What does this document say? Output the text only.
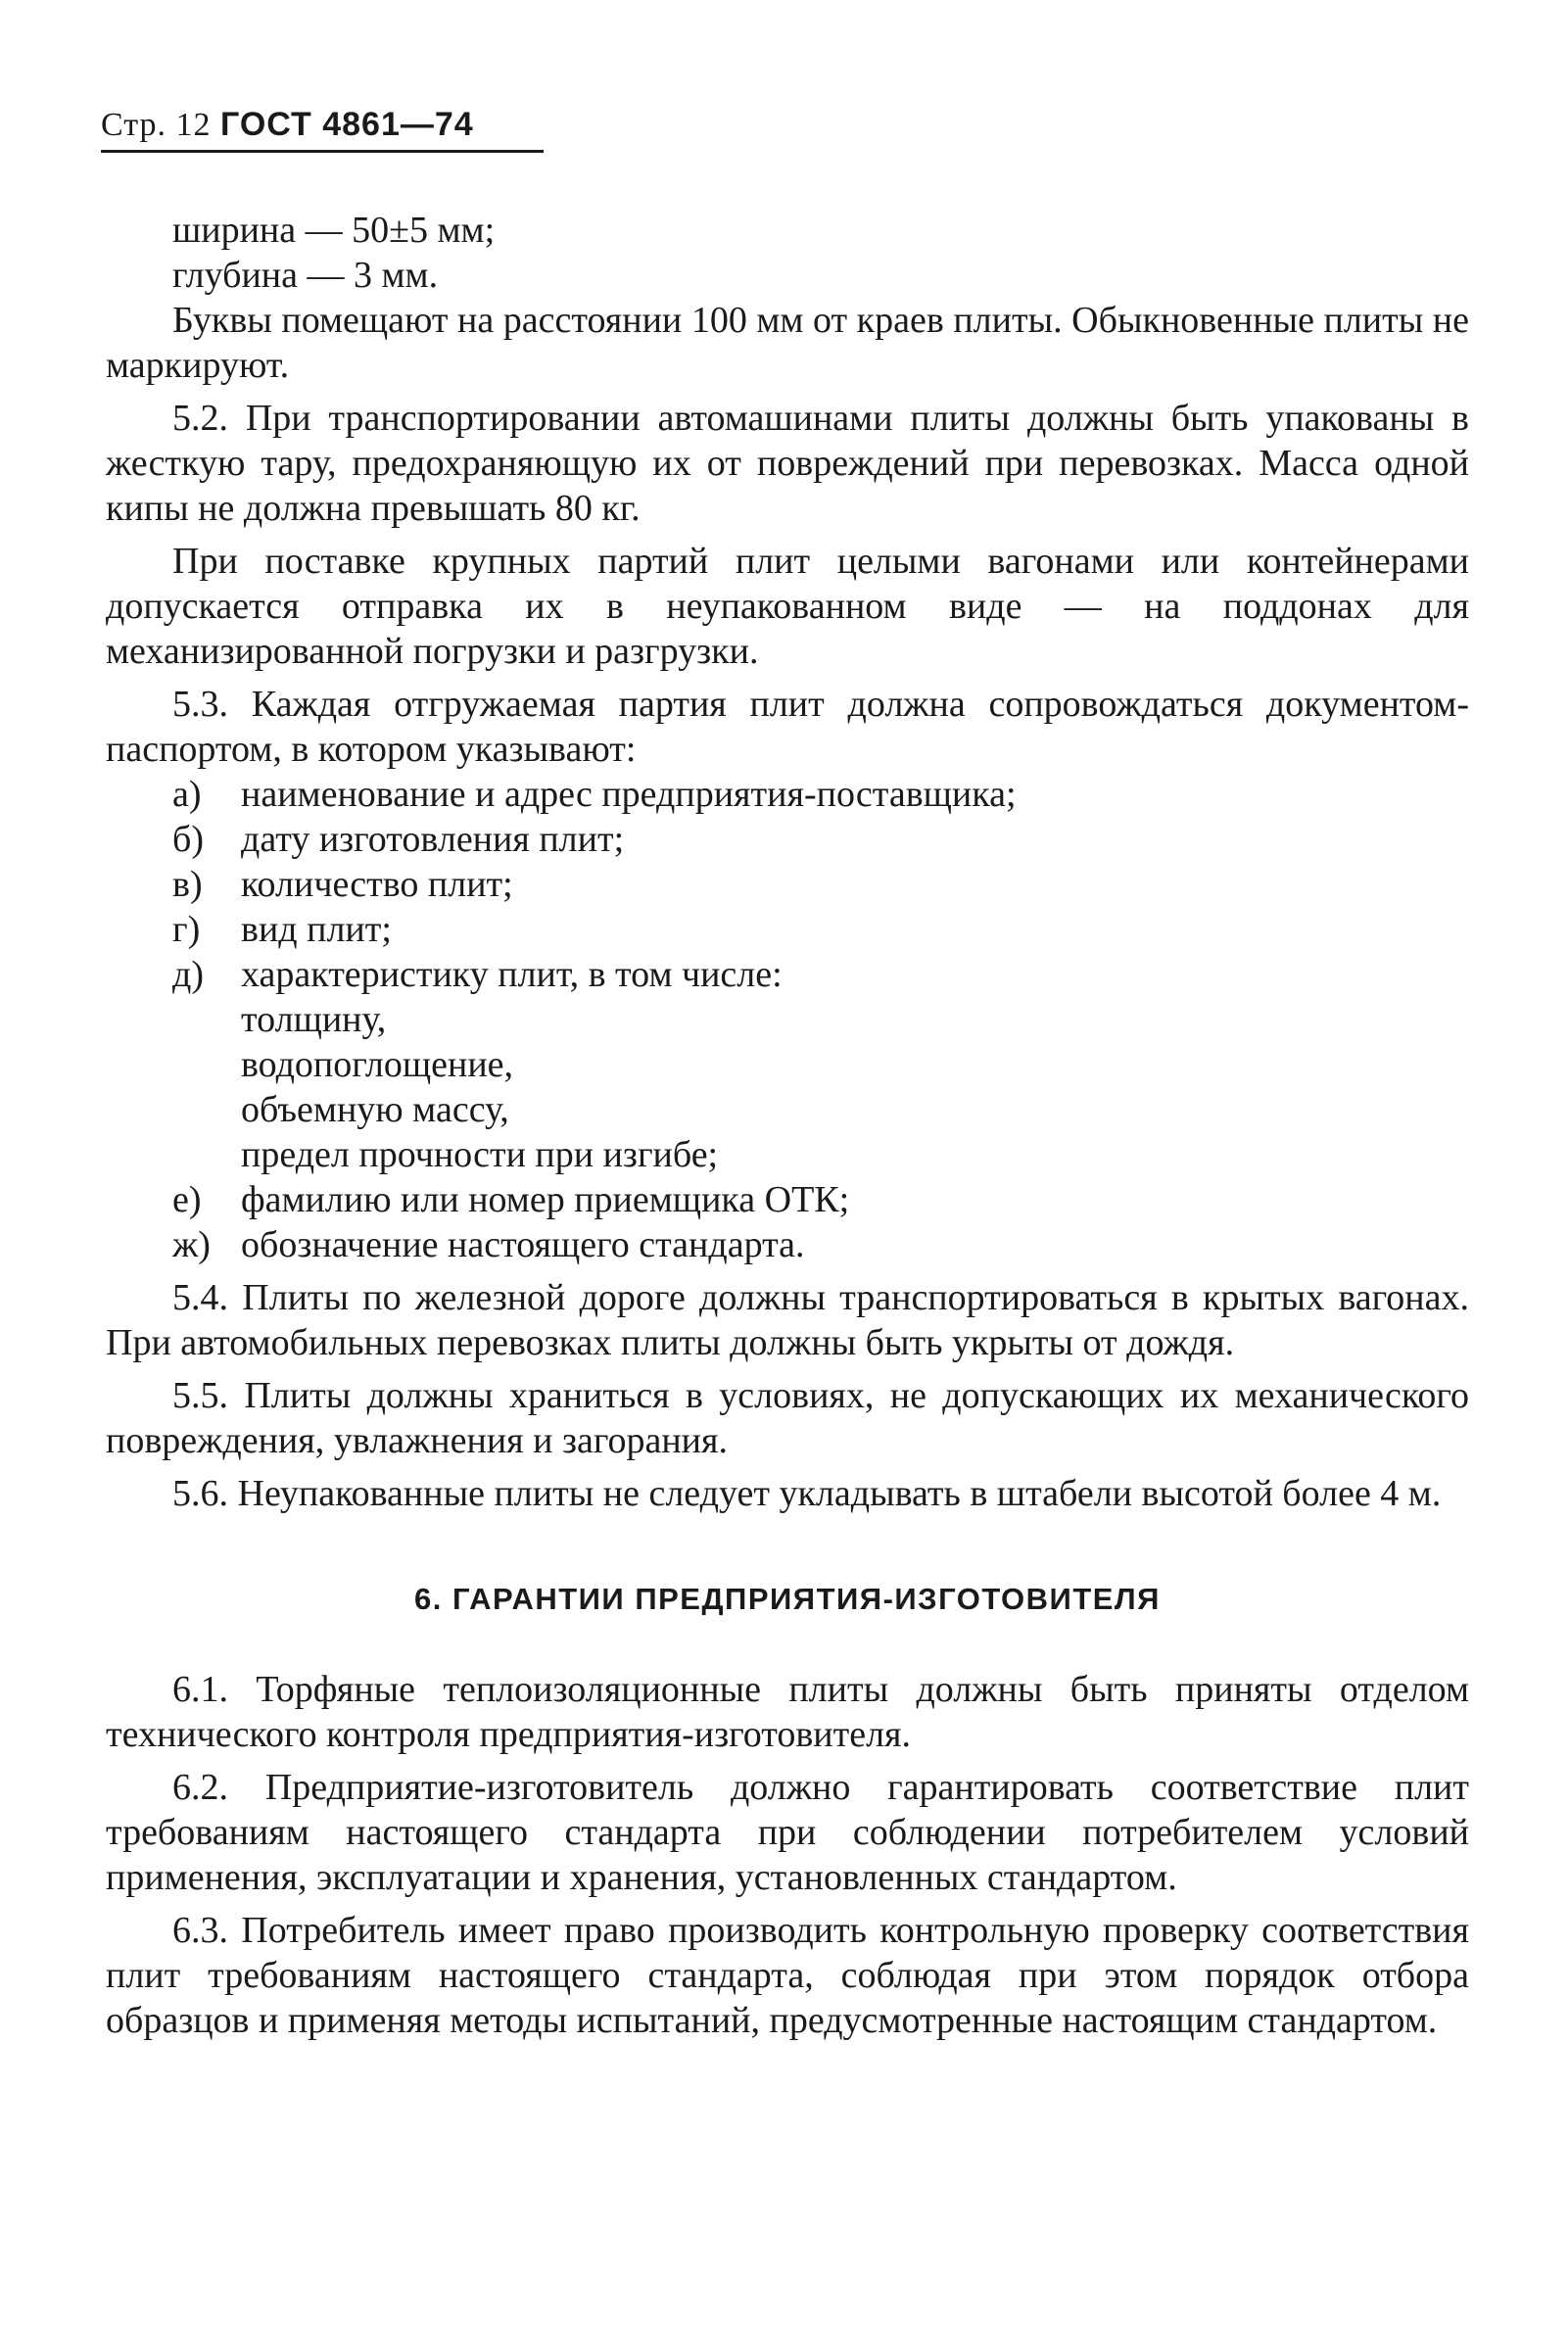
Стр. 12 ГОСТ 4861—74
ширина — 50±5 мм;
глубина — 3 мм.

Буквы помещают на расстоянии 100 мм от краев плиты. Обыкновенные плиты не маркируют.

5.2. При транспортировании автомашинами плиты должны быть упакованы в жесткую тару, предохраняющую их от повреждений при перевозках. Масса одной кипы не должна превышать 80 кг.

При поставке крупных партий плит целыми вагонами или контейнерами допускается отправка их в неупакованном виде — на поддонах для механизированной погрузки и разгрузки.

5.3. Каждая отгружаемая партия плит должна сопровождаться документом-паспортом, в котором указывают:

а) наименование и адрес предприятия-поставщика;
б) дату изготовления плит;
в) количество плит;
г) вид плит;
д) характеристику плит, в том числе:
толщину,
водопоглощение,
объемную массу,
предел прочности при изгибе;
е) фамилию или номер приемщика ОТК;
ж) обозначение настоящего стандарта.

5.4. Плиты по железной дороге должны транспортироваться в крытых вагонах. При автомобильных перевозках плиты должны быть укрыты от дождя.

5.5. Плиты должны храниться в условиях, не допускающих их механического повреждения, увлажнения и загорания.

5.6. Неупакованные плиты не следует укладывать в штабели высотой более 4 м.

6. ГАРАНТИИ ПРЕДПРИЯТИЯ-ИЗГОТОВИТЕЛЯ

6.1. Торфяные теплоизоляционные плиты должны быть приняты отделом технического контроля предприятия-изготовителя.

6.2. Предприятие-изготовитель должно гарантировать соответствие плит требованиям настоящего стандарта при соблюдении потребителем условий применения, эксплуатации и хранения, установленных стандартом.

6.3. Потребитель имеет право производить контрольную проверку соответствия плит требованиям настоящего стандарта, соблюдая при этом порядок отбора образцов и применяя методы испытаний, предусмотренные настоящим стандартом.
